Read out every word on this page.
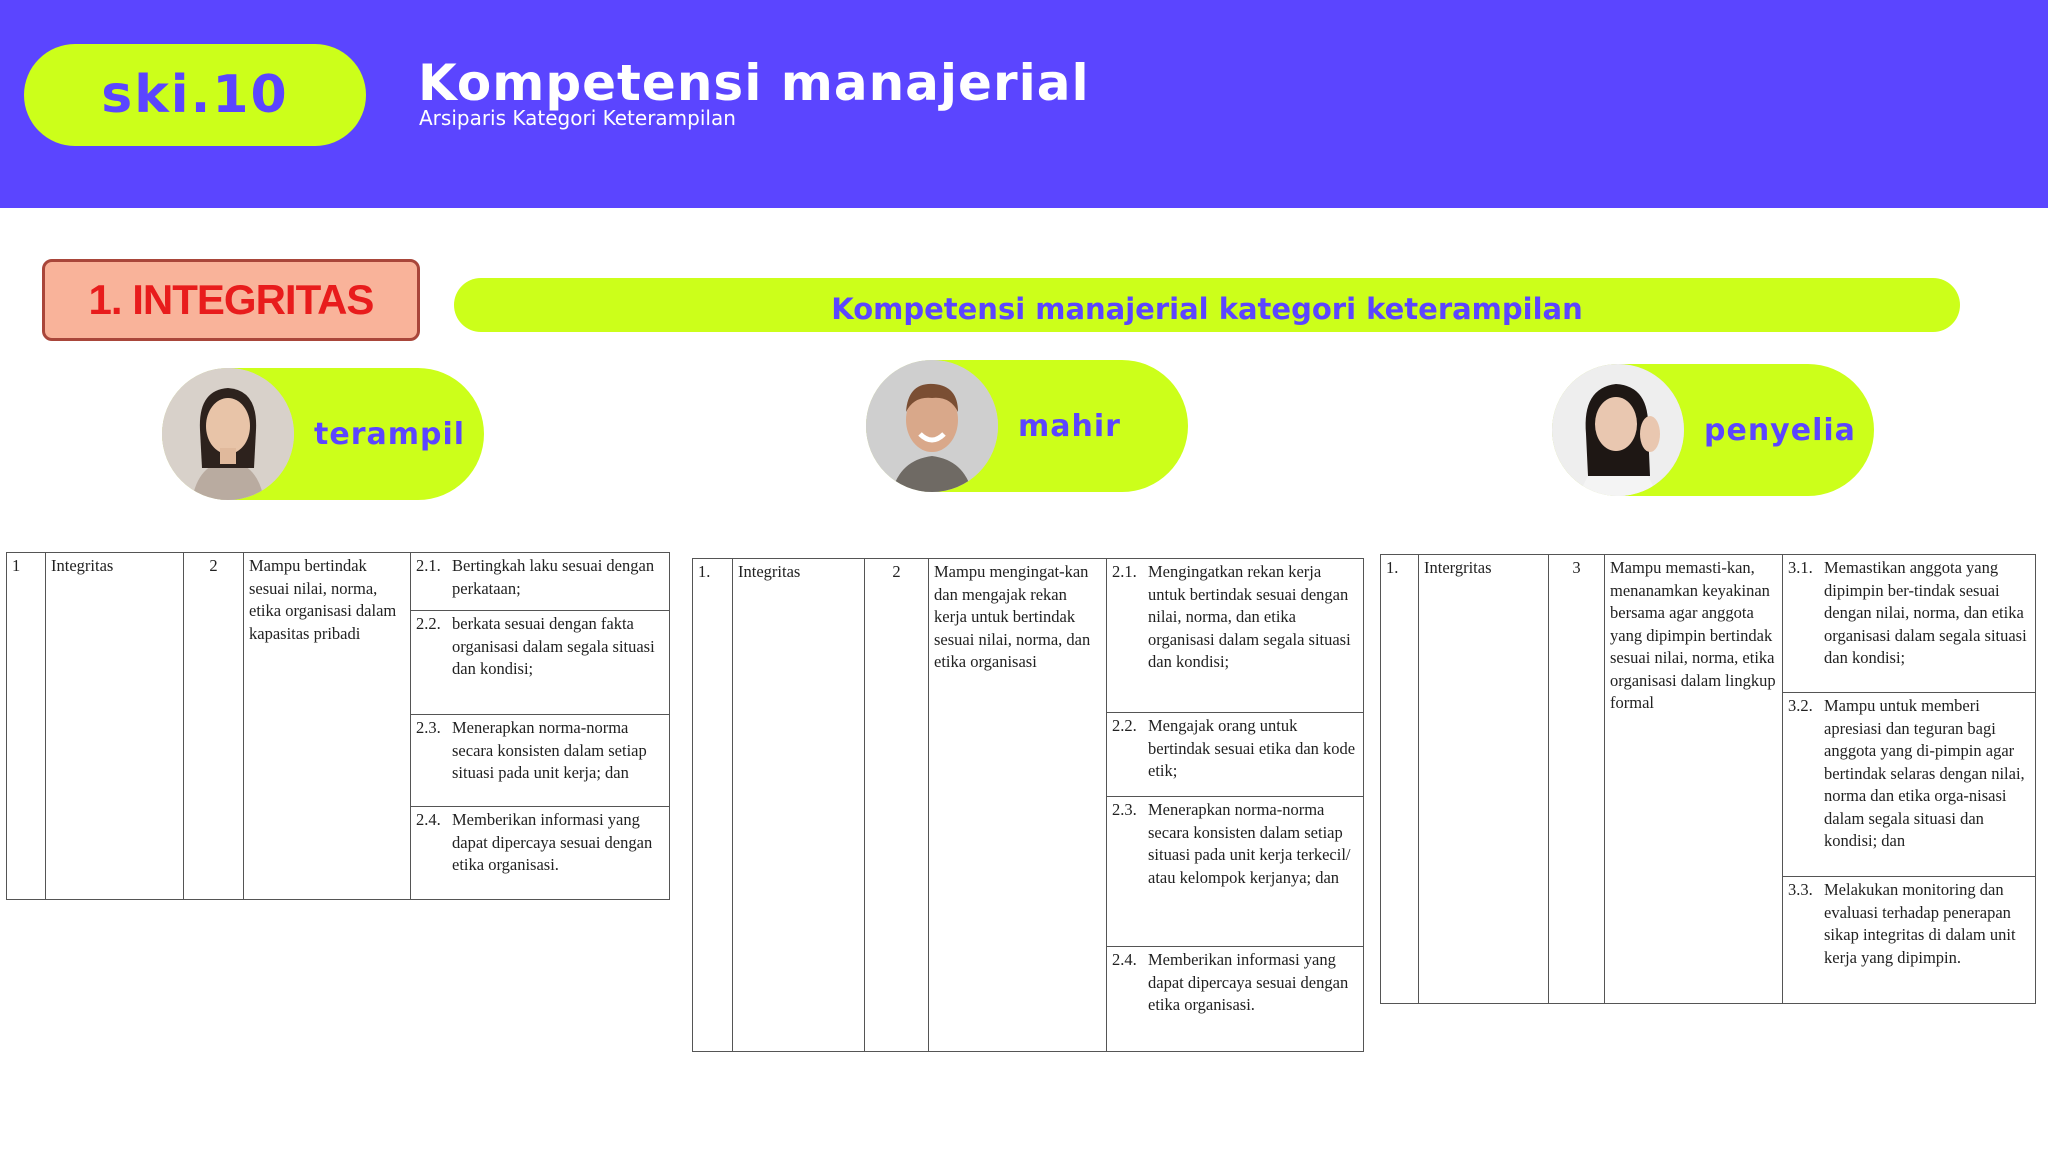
ski.10	Kompetensi manajerial
Arsiparis Kategori Keterampilan
1. INTEGRITAS	Kompetensi manajerial kategori keterampilan
terampil	mahir	penyelia
1	Integritas	2	Mampu bertindak sesuai nilai, norma, etika organisasi dalam kapasitas pribadi	
2.1. Bertingkah laku sesuai dengan perkataan;
2.2. berkata sesuai dengan fakta organisasi dalam segala situasi dan kondisi;
2.3. Menerapkan norma-norma secara konsisten dalam setiap situasi pada unit kerja; dan
2.4. Memberikan informasi yang dapat dipercaya sesuai dengan etika organisasi.
1.	Integritas	2	Mampu mengingat-kan dan mengajak rekan kerja untuk bertindak sesuai nilai, norma, dan etika organisasi	
2.1. Mengingatkan rekan kerja untuk bertindak sesuai dengan nilai, norma, dan etika organisasi dalam segala situasi dan kondisi;
2.2. Mengajak orang untuk bertindak sesuai etika dan kode etik;
2.3. Menerapkan norma-norma secara konsisten dalam setiap situasi pada unit kerja terkecil/ atau kelompok kerjanya; dan
2.4. Memberikan informasi yang dapat dipercaya sesuai dengan etika organisasi.
1.	Intergritas	3	Mampu memasti-kan, menanamkan keyakinan bersama agar anggota yang dipimpin bertindak sesuai nilai, norma, etika organisasi dalam lingkup formal	
3.1. Memastikan anggota yang dipimpin ber-tindak sesuai dengan nilai, norma, dan etika organisasi dalam segala situasi dan kondisi;
3.2. Mampu untuk memberi apresiasi dan teguran bagi anggota yang di-pimpin agar bertindak selaras dengan nilai, norma dan etika orga-nisasi dalam segala situasi dan kondisi; dan
3.3. Melakukan monitoring dan evaluasi terhadap penerapan sikap integritas di dalam unit kerja yang dipimpin.
